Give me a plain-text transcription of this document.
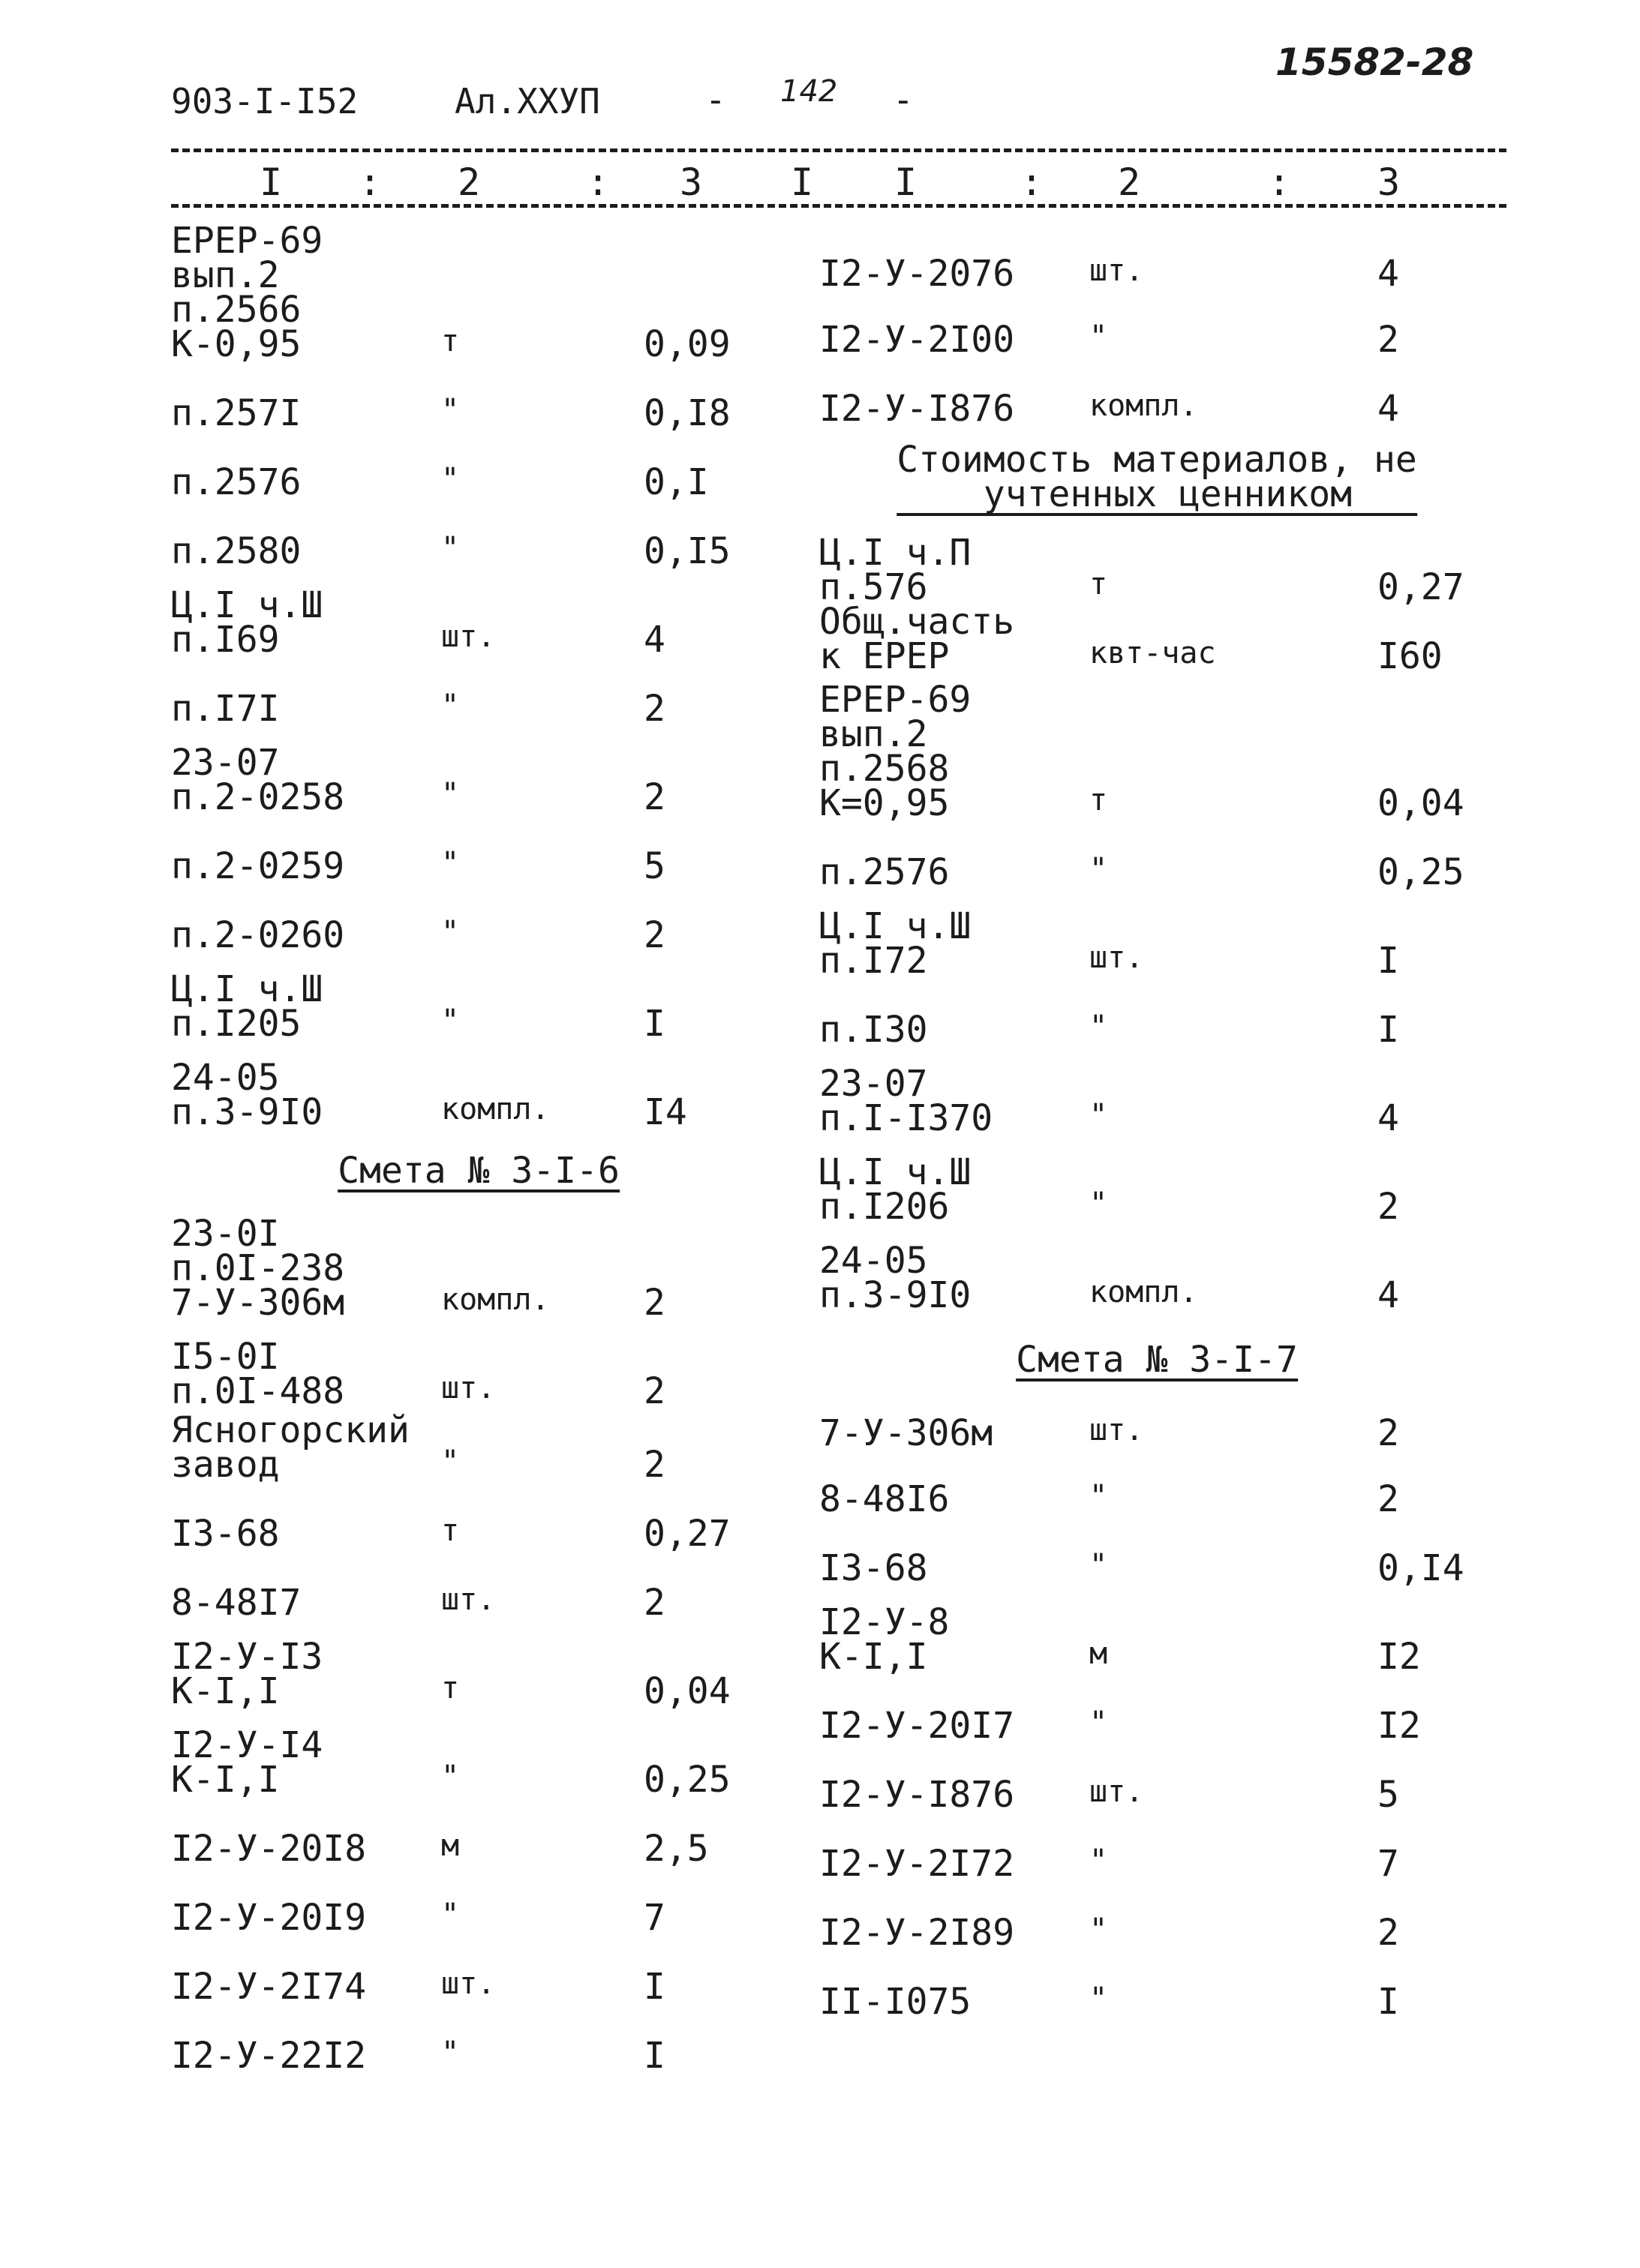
903-I-I52	Ал.ХХУП	- 142 -
15582-28
I : 2	: 3 I I	: 2	: 3
ЕРЕР-69
вып.2
п.2566
К-0,95	т	0,09
п.257I	"	0,I8
п.2576	"	0,I
п.2580	"	0,I5
Ц.I ч.Ш
п.I69	шт.	4
п.I7I	"	2
23-07
п.2-0258	"	2
п.2-0259	"	5
п.2-0260	"	2
Ц.I ч.Ш
п.I205	"	I
24-05
п.3-9I0	компл.	I4
Смета № 3-I-6
23-0I
п.0I-238
7-У-306м	компл.	2
I5-0I
п.0I-488	шт.	2
Ясногорский
завод	"	2
I3-68	т	0,27
8-48I7	шт.	2
I2-У-I3
К-I,I	т	0,04
I2-У-I4
К-I,I	"	0,25
I2-У-20I8 м	2,5
I2-У-20I9 "	7
I2-У-2I74 шт.	I
I2-У-22I2 "	I
I2-У-2076 шт.	4
I2-У-2I00 "	2
I2-У-I876 компл.	4
Стоимость материалов, не
учтенных ценником
Ц.I ч.П
п.576	т	0,27
Общ.часть
к ЕРЕР	квт-час	I60
ЕРЕР-69
вып.2
п.2568
К=0,95	т	0,04
п.2576	"	0,25
Ц.I ч.Ш
п.I72	шт.	I
п.I30	"	I
23-07
п.I-I370	"	4
Ц.I ч.Ш
п.I206	"	2
24-05
п.3-9I0	компл.	4
Смета № 3-I-7
7-У-306м	шт.	2
8-48I6	"	2
I3-68	"	0,I4
I2-У-8
К-I,I	м	I2
I2-У-20I7 "	I2
I2-У-I876 шт.	5
I2-У-2I72 "	7
I2-У-2I89 "	2
II-I075	"	I
